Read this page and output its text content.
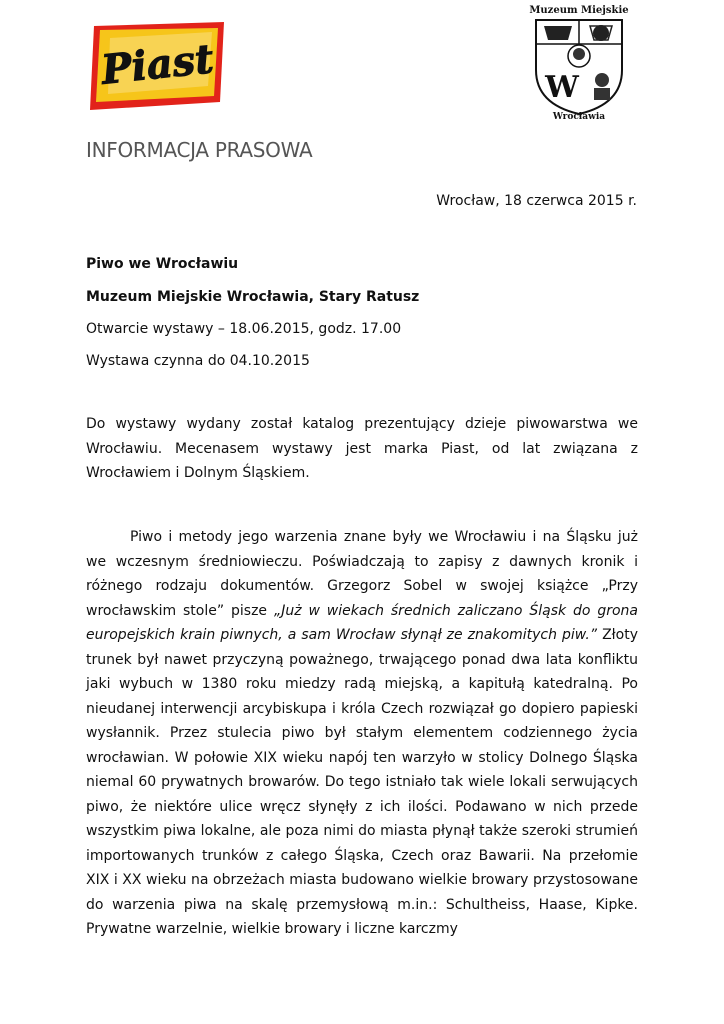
Piast
Muzeum Miejskie
W
Wrocławia
INFORMACJA PRASOWA
Wrocław, 18 czerwca 2015 r.
Piwo we Wrocławiu
Muzeum Miejskie Wrocławia, Stary Ratusz
Otwarcie wystawy – 18.06.2015, godz. 17.00
Wystawa czynna do 04.10.2015

Do wystawy wydany został katalog prezentujący dzieje piwowarstwa we Wrocławiu. Mecenasem wystawy jest marka Piast, od lat związana z Wrocławiem i Dolnym Śląskiem.

Piwo i metody jego warzenia znane były we Wrocławiu i na Śląsku już we wczesnym średniowieczu. Poświadczają to zapisy z dawnych kronik i różnego rodzaju dokumentów. Grzegorz Sobel w swojej książce „Przy wrocławskim stole” pisze „Już w wiekach średnich zaliczano Śląsk do grona europejskich krain piwnych, a sam Wrocław słynął ze znakomitych piw.” Złoty trunek był nawet przyczyną poważnego, trwającego ponad dwa lata konfliktu jaki wybuch w 1380 roku miedzy radą miejską, a kapitułą katedralną. Po nieudanej interwencji arcybiskupa i króla Czech rozwiązał go dopiero papieski wysłannik. Przez stulecia piwo był stałym elementem codziennego życia wrocławian. W połowie XIX wieku napój ten warzyło w stolicy Dolnego Śląska niemal 60 prywatnych browarów. Do tego istniało tak wiele lokali serwujących piwo, że niektóre ulice wręcz słynęły z ich ilości. Podawano w nich przede wszystkim piwa lokalne, ale poza nimi do miasta płynął także szeroki strumień importowanych trunków z całego Śląska, Czech oraz Bawarii. Na przełomie XIX i XX wieku na obrzeżach miasta budowano wielkie browary przystosowane do warzenia piwa na skalę przemysłową m.in.: Schultheiss, Haase, Kipke. Prywatne warzelnie, wielkie browary i liczne karczmy
